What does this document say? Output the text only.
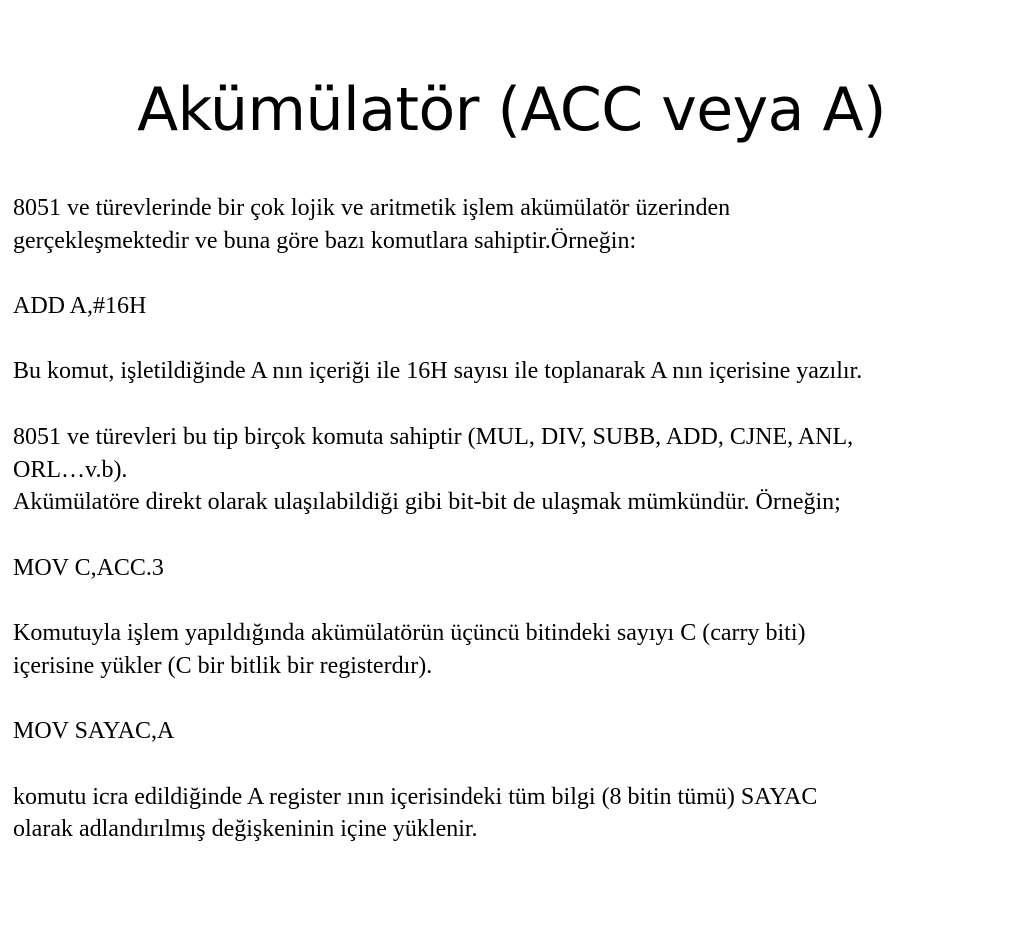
Akümülatör (ACC veya A)

8051 ve türevlerinde bir çok lojik ve aritmetik işlem akümülatör üzerinden

gerçekleşmektedir ve buna göre bazı komutlara sahiptir.Örneğin:

ADD A,#16H

Bu komut, işletildiğinde A nın içeriği ile 16H sayısı ile toplanarak A nın içerisine yazılır.

8051 ve türevleri bu tip birçok komuta sahiptir (MUL, DIV, SUBB, ADD, CJNE, ANL,

ORL…v.b).

Akümülatöre direkt olarak ulaşılabildiği gibi bit-bit de ulaşmak mümkündür. Örneğin;

MOV C,ACC.3

Komutuyla işlem yapıldığında akümülatörün üçüncü bitindeki sayıyı C (carry biti)

içerisine yükler (C bir bitlik bir registerdır).

MOV SAYAC,A

komutu icra edildiğinde A register ının içerisindeki tüm bilgi (8 bitin tümü) SAYAC

olarak adlandırılmış değişkeninin içine yüklenir.
